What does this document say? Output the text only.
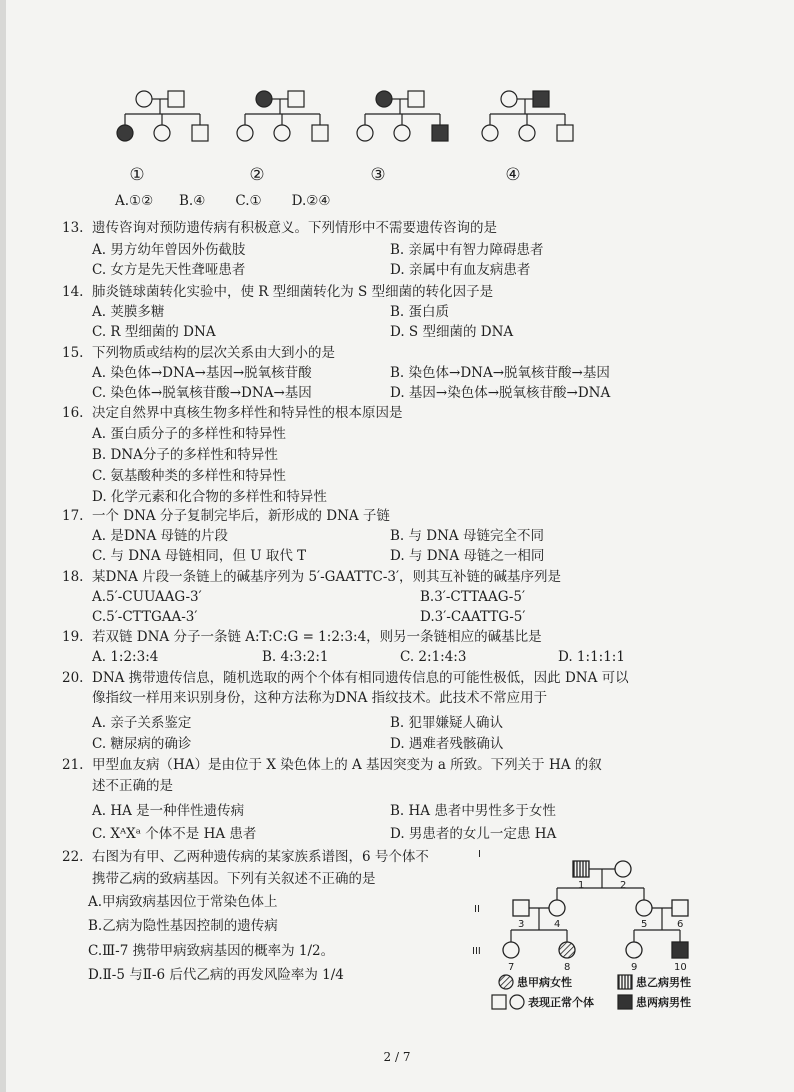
①	②	③	④
A.①② B.④ C.① D.②④
13. 遗传咨询对预防遗传病有积极意义。下列情形中不需要遗传咨询的是
A. 男方幼年曾因外伤截肢	B. 亲属中有智力障碍患者
C. 女方是先天性聋哑患者	D. 亲属中有血友病患者
14. 肺炎链球菌转化实验中，使 R 型细菌转化为 S 型细菌的转化因子是
A. 荚膜多糖	B. 蛋白质
C. R 型细菌的 DNA	D. S 型细菌的 DNA
15. 下列物质或结构的层次关系由大到小的是
A. 染色体→DNA→基因→脱氧核苷酸	B. 染色体→DNA→脱氧核苷酸→基因
C. 染色体→脱氧核苷酸→DNA→基因	D. 基因→染色体→脱氧核苷酸→DNA
16. 决定自然界中真核生物多样性和特异性的根本原因是
A. 蛋白质分子的多样性和特异性
B. DNA分子的多样性和特异性
C. 氨基酸种类的多样性和特异性
D. 化学元素和化合物的多样性和特异性
17. 一个 DNA 分子复制完毕后，新形成的 DNA 子链
A. 是DNA 母链的片段	B. 与 DNA 母链完全不同
C. 与 DNA 母链相同，但 U 取代 T	D. 与 DNA 母链之一相同
18. 某DNA 片段一条链上的碱基序列为 5′-GAATTC-3′，则其互补链的碱基序列是
A.5′-CUUAAG-3′	B.3′-CTTAAG-5′
C.5′-CTTGAA-3′	D.3′-CAATTG-5′
19. 若双链 DNA 分子一条链 A:T:C:G = 1:2:3:4，则另一条链相应的碱基比是
A. 1:2:3:4	B. 4:3:2:1	C. 2:1:4:3	D. 1:1:1:1
20. DNA 携带遗传信息，随机选取的两个个体有相同遗传信息的可能性极低，因此 DNA 可以
像指纹一样用来识别身份，这种方法称为DNA 指纹技术。此技术不常应用于
A. 亲子关系鉴定	B. 犯罪嫌疑人确认
C. 糖尿病的确诊	D. 遇难者残骸确认
21. 甲型血友病（HA）是由位于 X 染色体上的 A 基因突变为 a 所致。下列关于 HA 的叙
述不正确的是
A. HA 是一种伴性遗传病	B. HA 患者中男性多于女性
C. XᴬXᵃ 个体不是 HA 患者	D. 男患者的女儿一定患 HA
22. 右图为有甲、乙两种遗传病的某家族系谱图，6 号个体不
携带乙病的致病基因。下列有关叙述不正确的是
A.甲病致病基因位于常染色体上
B.乙病为隐性基因控制的遗传病
C.Ⅲ-7 携带甲病致病基因的概率为 1/2。
D.Ⅱ-5 与Ⅱ-6 后代乙病的再发风险率为 1/4
I
II
III
1	2
3	4	5	6
7	8	9	10
患甲病女性	患乙病男性
表现正常个体	患两病男性
2 / 7
